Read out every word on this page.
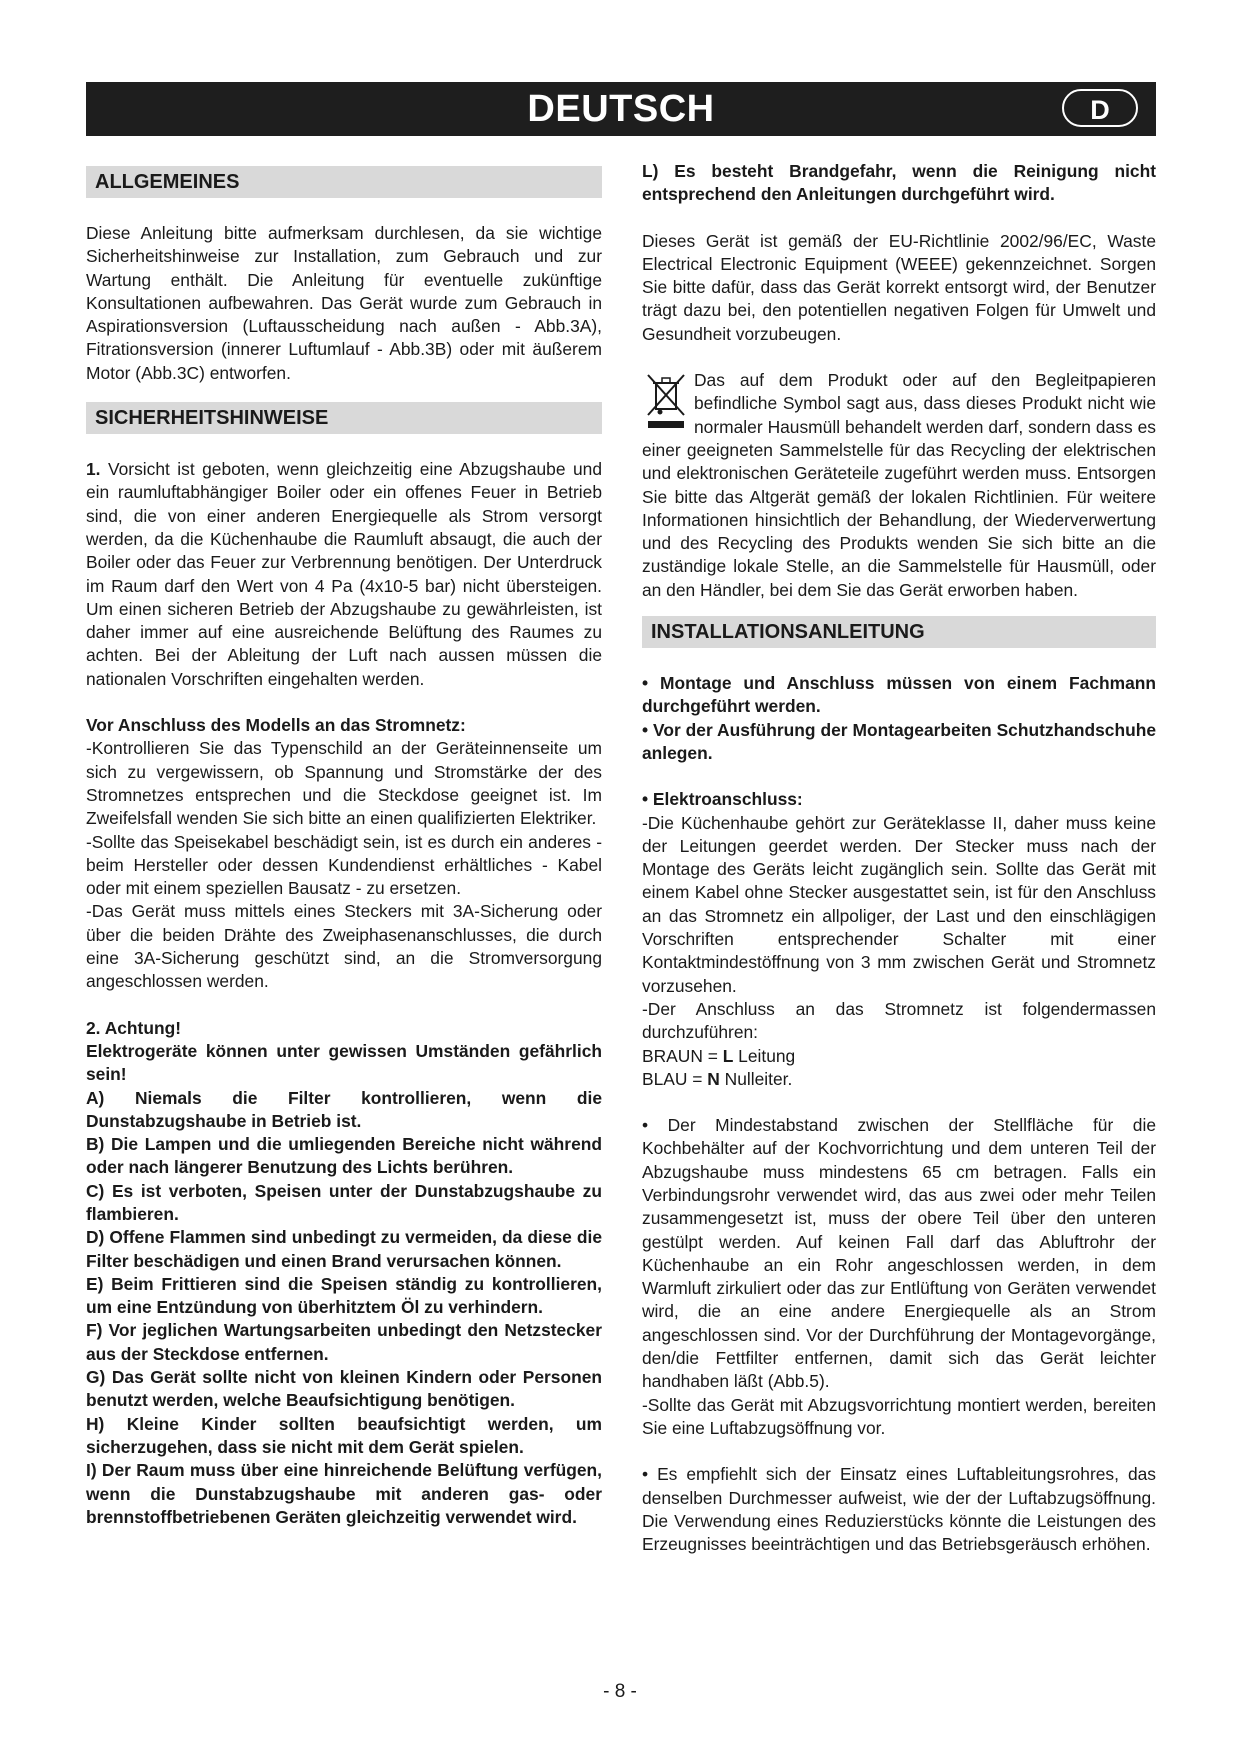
DEUTSCH	D
ALLGEMEINES

Diese Anleitung bitte aufmerksam durchlesen, da sie wichtige Sicherheitshinweise zur Installation, zum Gebrauch und zur Wartung enthält. Die Anleitung für eventuelle zukünftige Konsultationen aufbewahren. Das Gerät wurde zum Gebrauch in Aspirationsversion (Luftausscheidung nach außen - Abb.3A), Fitrationsversion (innerer Luftumlauf - Abb.3B) oder mit äußerem Motor (Abb.3C) entworfen.

SICHERHEITSHINWEISE

1. Vorsicht ist geboten, wenn gleichzeitig eine Abzugshaube und ein raumluftabhängiger Boiler oder ein offenes Feuer in Betrieb sind, die von einer anderen Energiequelle als Strom versorgt werden, da die Küchenhaube die Raumluft absaugt, die auch der Boiler oder das Feuer zur Verbrennung benötigen. Der Unterdruck im Raum darf den Wert von 4 Pa (4x10-5 bar) nicht übersteigen. Um einen sicheren Betrieb der Abzugshaube zu gewährleisten, ist daher immer auf eine ausreichende Belüftung des Raumes zu achten. Bei der Ableitung der Luft nach aussen müssen die nationalen Vorschriften eingehalten werden.

Vor Anschluss des Modells an das Stromnetz:

-Kontrollieren Sie das Typenschild an der Geräteinnenseite um sich zu vergewissern, ob Spannung und Stromstärke der des Stromnetzes entsprechen und die Steckdose geeignet ist. Im Zweifelsfall wenden Sie sich bitte an einen qualifizierten Elektriker.

-Sollte das Speisekabel beschädigt sein, ist es durch ein anderes - beim Hersteller oder dessen Kundendienst erhältliches - Kabel oder mit einem speziellen Bausatz - zu ersetzen.

-Das Gerät muss mittels eines Steckers mit 3A-Sicherung oder über die beiden Drähte des Zweiphasenanschlusses, die durch eine 3A-Sicherung geschützt sind, an die Stromversorgung angeschlossen werden.

2. Achtung!

Elektrogeräte können unter gewissen Umständen gefährlich sein!

A) Niemals die Filter kontrollieren, wenn die Dunstabzugshaube in Betrieb ist.

B) Die Lampen und die umliegenden Bereiche nicht während oder nach längerer Benutzung des Lichts berühren.

C) Es ist verboten, Speisen unter der Dunstabzugshaube zu flambieren.

D) Offene Flammen sind unbedingt zu vermeiden, da diese die Filter beschädigen und einen Brand verursachen können.

E) Beim Frittieren sind die Speisen ständig zu kontrollieren, um eine Entzündung von überhitztem Öl zu verhindern.

F) Vor jeglichen Wartungsarbeiten unbedingt den Netzstecker aus der Steckdose entfernen.

G) Das Gerät sollte nicht von kleinen Kindern oder Personen benutzt werden, welche Beaufsichtigung benötigen.

H) Kleine Kinder sollten beaufsichtigt werden, um sicherzugehen, dass sie nicht mit dem Gerät spielen.

I) Der Raum muss über eine hinreichende Belüftung verfügen, wenn die Dunstabzugshaube mit anderen gas- oder brennstoffbetriebenen Geräten gleichzeitig verwendet wird.

L) Es besteht Brandgefahr, wenn die Reinigung nicht entsprechend den Anleitungen durchgeführt wird.

Dieses Gerät ist gemäß der EU-Richtlinie 2002/96/EC, Waste Electrical Electronic Equipment (WEEE) gekennzeichnet. Sorgen Sie bitte dafür, dass das Gerät korrekt entsorgt wird, der Benutzer trägt dazu bei, den potentiellen negativen Folgen für Umwelt und Gesundheit vorzubeugen.

Das auf dem Produkt oder auf den Begleitpapieren befindliche Symbol sagt aus, dass dieses Produkt nicht wie normaler Hausmüll behandelt werden darf, sondern dass es einer geeigneten Sammelstelle für das Recycling der elektrischen und elektronischen Geräteteile zugeführt werden muss. Entsorgen Sie bitte das Altgerät gemäß der lokalen Richtlinien. Für weitere Informationen hinsichtlich der Behandlung, der Wiederverwertung und des Recycling des Produkts wenden Sie sich bitte an die zuständige lokale Stelle, an die Sammelstelle für Hausmüll, oder an den Händler, bei dem Sie das Gerät erworben haben.

INSTALLATIONSANLEITUNG

• Montage und Anschluss müssen von einem Fachmann durchgeführt werden.

• Vor der Ausführung der Montagearbeiten Schutzhandschuhe anlegen.

• Elektroanschluss:

-Die Küchenhaube gehört zur Geräteklasse II, daher muss keine der Leitungen geerdet werden. Der Stecker muss nach der Montage des Geräts leicht zugänglich sein. Sollte das Gerät mit einem Kabel ohne Stecker ausgestattet sein, ist für den Anschluss an das Stromnetz ein allpoliger, der Last und den einschlägigen Vorschriften entsprechender Schalter mit einer Kontaktmindestöffnung von 3 mm zwischen Gerät und Stromnetz vorzusehen.

-Der Anschluss an das Stromnetz ist folgendermassen durchzuführen:

BRAUN = L Leitung

BLAU = N Nulleiter.

• Der Mindestabstand zwischen der Stellfläche für die Kochbehälter auf der Kochvorrichtung und dem unteren Teil der Abzugshaube muss mindestens 65 cm betragen. Falls ein Verbindungsrohr verwendet wird, das aus zwei oder mehr Teilen zusammengesetzt ist, muss der obere Teil über den unteren gestülpt werden. Auf keinen Fall darf das Abluftrohr der Küchenhaube an ein Rohr angeschlossen werden, in dem Warmluft zirkuliert oder das zur Entlüftung von Geräten verwendet wird, die an eine andere Energiequelle als an Strom angeschlossen sind. Vor der Durchführung der Montagevorgänge, den/die Fettfilter entfernen, damit sich das Gerät leichter handhaben läßt (Abb.5).

-Sollte das Gerät mit Abzugsvorrichtung montiert werden, bereiten Sie eine Luftabzugsöffnung vor.

• Es empfiehlt sich der Einsatz eines Luftableitungsrohres, das denselben Durchmesser aufweist, wie der der Luftabzugsöffnung. Die Verwendung eines Reduzierstücks könnte die Leistungen des Erzeugnisses beeinträchtigen und das Betriebsgeräusch erhöhen.

- 8 -
